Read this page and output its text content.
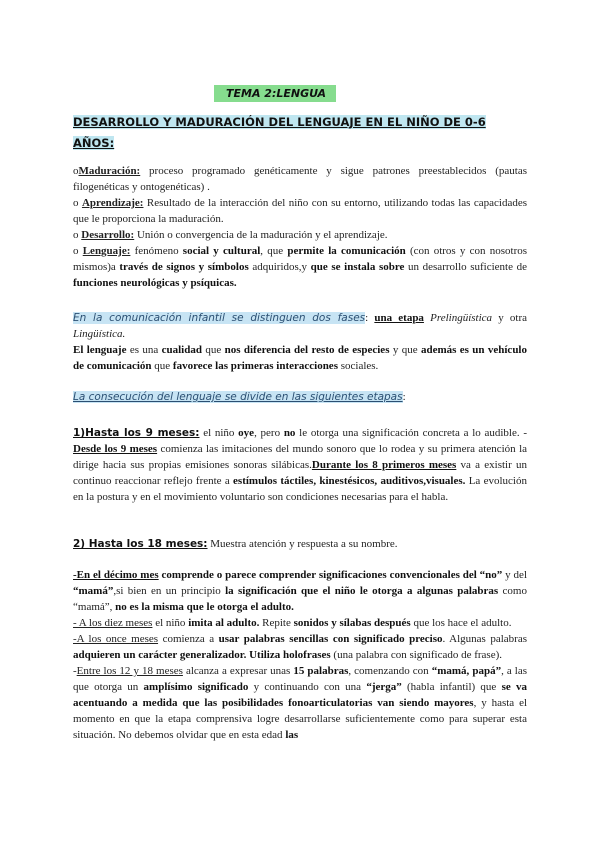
TEMA 2:LENGUA
DESARROLLO Y MADURACIÓN DEL LENGUAJE EN EL NIÑO DE 0-6 AÑOS:

oMaduración: proceso programado genéticamente y sigue patrones preestablecidos (pautas filogenéticas y ontogenéticas) .

o Aprendizaje: Resultado de la interacción del niño con su entorno, utilizando todas las capacidades que le proporciona la maduración.

o Desarrollo: Unión o convergencia de la maduración y el aprendizaje.

o Lenguaje: fenómeno social y cultural, que permite la comunicación (con otros y con nosotros mismos)a través de signos y símbolos adquiridos,y que se instala sobre un desarrollo suficiente de funciones neurológicas y psíquicas.

En la comunicación infantil se distinguen dos fases: una etapa Prelingüística y otra Lingüística.

El lenguaje es una cualidad que nos diferencia del resto de especies y que además es un vehículo de comunicación que favorece las primeras interacciones sociales.

La consecución del lenguaje se divide en las siguientes etapas:

1)Hasta los 9 meses: el niño oye, pero no le otorga una significación concreta a lo audible. -Desde los 9 meses comienza las imitaciones del mundo sonoro que lo rodea y su primera atención la dirige hacia sus propias emisiones sonoras silábicas.Durante los 8 primeros meses va a existir un continuo reaccionar reflejo frente a estímulos táctiles, kinestésicos, auditivos,visuales. La evolución en la postura y en el movimiento voluntario son condiciones necesarias para el habla.

2) Hasta los 18 meses: Muestra atención y respuesta a su nombre.

-En el décimo mes comprende o parece comprender significaciones convencionales del “no” y del “mamá”,si bien en un principio la significación que el niño le otorga a algunas palabras como “mamá”, no es la misma que le otorga el adulto.

- A los diez meses el niño imita al adulto. Repite sonidos y sílabas después que los hace el adulto.

-A los once meses comienza a usar palabras sencillas con significado preciso. Algunas palabras adquieren un carácter generalizador. Utiliza holofrases (una palabra con significado de frase).

-Entre los 12 y 18 meses alcanza a expresar unas 15 palabras, comenzando con “mamá, papá”, a las que otorga un amplísimo significado y continuando con una “jerga” (habla infantil) que se va acentuando a medida que las posibilidades fonoarticulatorias van siendo mayores, y hasta el momento en que la etapa comprensiva logre desarrollarse suficientemente como para superar esta situación. No debemos olvidar que en esta edad las
